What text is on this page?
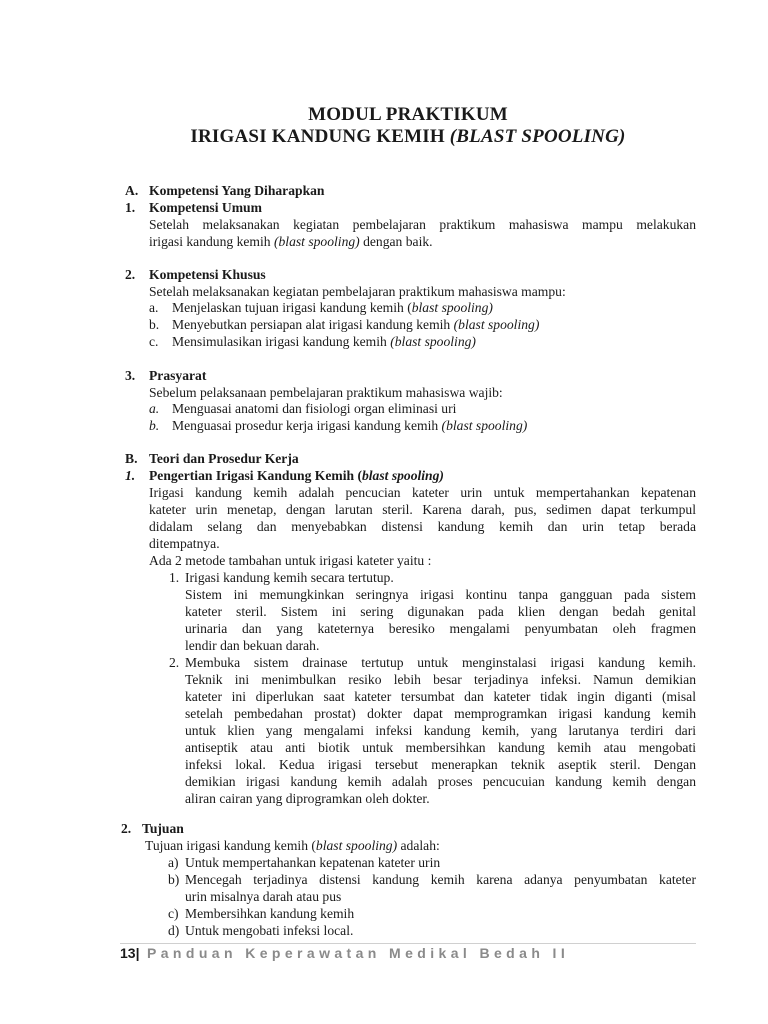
MODUL PRAKTIKUM
IRIGASI KANDUNG KEMIH (BLAST SPOOLING)
A. Kompetensi Yang Diharapkan
1. Kompetensi Umum
Setelah melaksanakan kegiatan pembelajaran praktikum mahasiswa mampu melakukan
irigasi kandung kemih (blast spooling) dengan baik.
2. Kompetensi Khusus
Setelah melaksanakan kegiatan pembelajaran praktikum mahasiswa mampu:
a. Menjelaskan tujuan irigasi kandung kemih (blast spooling)
b. Menyebutkan persiapan alat irigasi kandung kemih (blast spooling)
c. Mensimulasikan irigasi kandung kemih (blast spooling)
3. Prasyarat
Sebelum pelaksanaan pembelajaran praktikum mahasiswa wajib:
a. Menguasai anatomi dan fisiologi organ eliminasi uri
b. Menguasai prosedur kerja irigasi kandung kemih (blast spooling)
B. Teori dan Prosedur Kerja
1. Pengertian Irigasi Kandung Kemih (blast spooling)
Irigasi kandung kemih adalah pencucian kateter urin untuk mempertahankan kepatenan
kateter urin menetap, dengan larutan steril. Karena darah, pus, sedimen dapat terkumpul
didalam selang dan menyebabkan distensi kandung kemih dan urin tetap berada
ditempatnya.
Ada 2 metode tambahan untuk irigasi kateter yaitu :
1. Irigasi kandung kemih secara tertutup.
Sistem ini memungkinkan seringnya irigasi kontinu tanpa gangguan pada sistem
kateter steril. Sistem ini sering digunakan pada klien dengan bedah genital
urinaria dan yang kateternya beresiko mengalami penyumbatan oleh fragmen
lendir dan bekuan darah.
2. Membuka sistem drainase tertutup untuk menginstalasi irigasi kandung kemih.
Teknik ini menimbulkan resiko lebih besar terjadinya infeksi. Namun demikian
kateter ini diperlukan saat kateter tersumbat dan kateter tidak ingin diganti (misal
setelah pembedahan prostat) dokter dapat memprogramkan irigasi kandung kemih
untuk klien yang mengalami infeksi kandung kemih, yang larutanya terdiri dari
antiseptik atau anti biotik untuk membersihkan kandung kemih atau mengobati
infeksi lokal. Kedua irigasi tersebut menerapkan teknik aseptik steril. Dengan
demikian irigasi kandung kemih adalah proses pencucuian kandung kemih dengan
aliran cairan yang diprogramkan oleh dokter.
2. Tujuan
Tujuan irigasi kandung kemih (blast spooling) adalah:
a) Untuk mempertahankan kepatenan kateter urin
b) Mencegah terjadinya distensi kandung kemih karena adanya penyumbatan kateter
urin misalnya darah atau pus
c) Membersihkan kandung kemih
d) Untuk mengobati infeksi local.
13| Panduan Keperawatan Medikal Bedah II
